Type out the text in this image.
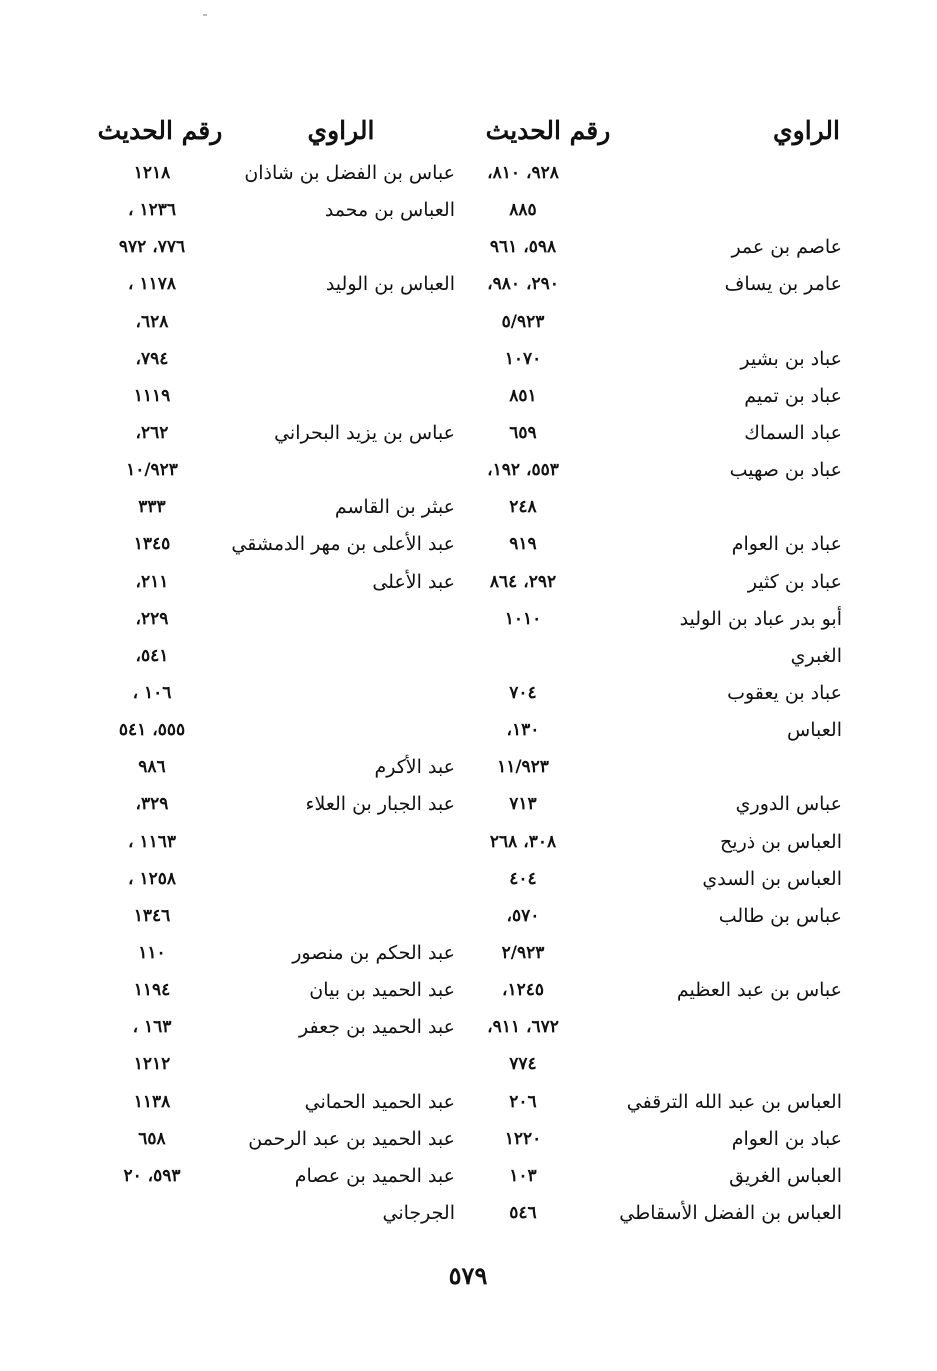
الراوي
رقم الحديث
الراوي
رقم الحديث
٩٢٨، ٨١٠،
عباس بن الفضل بن شاذان
١٢١٨
٨٨٥
العباس بن محمد
١٢٣٦ ،
عاصم بن عمر
٥٩٨، ٩٦١
٧٧٦، ٩٧٢
عامر بن يساف
٢٩٠، ٩٨٠،
العباس بن الوليد
١١٧٨ ،
٥/٩٢٣
٦٢٨،
عباد بن بشير
١٠٧٠
٧٩٤،
عباد بن تميم
٨٥١
١١١٩
عباد السماك
٦٥٩
عباس بن يزيد البحراني
٢٦٢،
عباد بن صهيب
٥٥٣، ١٩٢،
١٠/٩٢٣
٢٤٨
عبثر بن القاسم
٣٣٣
عباد بن العوام
٩١٩
عبد الأعلى بن مهر الدمشقي
١٣٤٥
عباد بن كثير
٢٩٢، ٨٦٤
عبد الأعلى
٢١١،
أبو بدر عباد بن الوليد
١٠١٠
٢٢٩،
الغبري
٥٤١،
عباد بن يعقوب
٧٠٤
١٠٦ ،
العباس
١٣٠،
٥٥٥، ٥٤١
١١/٩٢٣
عبد الأكرم
٩٨٦
عباس الدوري
٧١٣
عبد الجبار بن العلاء
٣٢٩،
العباس بن ذريح
٣٠٨، ٢٦٨
١١٦٣ ،
العباس بن السدي
٤٠٤
١٢٥٨ ،
عباس بن طالب
٥٧٠،
١٣٤٦
٢/٩٢٣
عبد الحكم بن منصور
١١٠
عباس بن عبد العظيم
١٢٤٥،
عبد الحميد بن بيان
١١٩٤
٦٧٢، ٩١١،
عبد الحميد بن جعفر
١٦٣ ،
٧٧٤
١٢١٢
العباس بن عبد الله الترقفي
٢٠٦
عبد الحميد الحماني
١١٣٨
عباد بن العوام
١٢٢٠
عبد الحميد بن عبد الرحمن
٦٥٨
العباس الغريق
١٠٣
عبد الحميد بن عصام
٥٩٣، ٢٠
العباس بن الفضل الأسقاطي
٥٤٦
الجرجاني
٥٧٩
